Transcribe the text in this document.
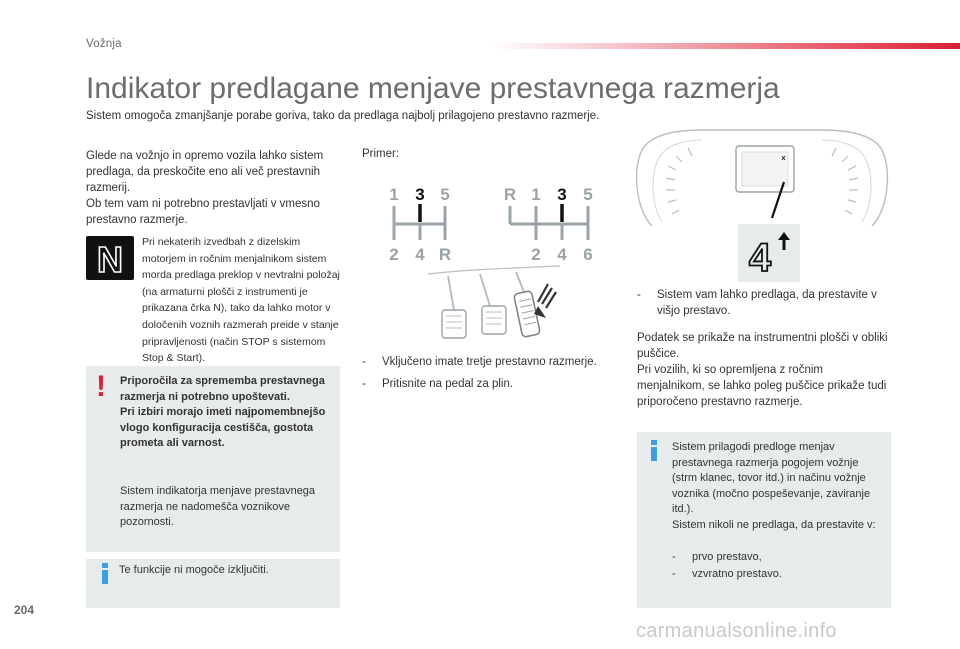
Vožnja
Indikator predlagane menjave prestavnega razmerja

Sistem omogoča zmanjšanje porabe goriva, tako da predlaga najbolj prilagojeno prestavno razmerje.

Glede na vožnjo in opremo vozila lahko sistem predlaga, da preskočite eno ali več prestavnih razmerij.
Ob tem vam ni potrebno prestavljati v vmesno prestavno razmerje.

N Pri nekaterih izvedbah z dizelskim motorjem in ročnim menjalnikom sistem morda predlaga preklop v nevtralni položaj (na armaturni plošči z instrumenti je prikazana črka N), tako da lahko motor v določenih voznih razmerah preide v stanje pripravljenosti (način STOP s sistemom Stop & Start).

! Priporočila za sprememba prestavnega razmerja ni potrebno upoštevati.
Pri izbiri morajo imeti najpomembnejšo vlogo konfiguracija cestišča, gostota prometa ali varnost.

Sistem indikatorja menjave prestavnega razmerja ne nadomešča voznikove pozornosti.

Te funkcije ni mogoče izključiti.

Primer:
1 3 5
2 4 R
R 1 3 5
2 4 6
- Vključeno imate tretje prestavno razmerje.
- Pritisnite na pedal za plin.
4
- Sistem vam lahko predlaga, da prestavite v višjo prestavo.

Podatek se prikaže na instrumentni plošči v obliki puščice.
Pri vozilih, ki so opremljena z ročnim menjalnikom, se lahko poleg puščice prikaže tudi priporočeno prestavno razmerje.

Sistem prilagodi predloge menjav prestavnega razmerja pogojem vožnje (strm klanec, tovor itd.) in načinu vožnje voznika (močno pospeševanje, zaviranje itd.).
Sistem nikoli ne predlaga, da prestavite v:

- prvo prestavo,
- vzvratno prestavo.
204
carmanualsonline.info
